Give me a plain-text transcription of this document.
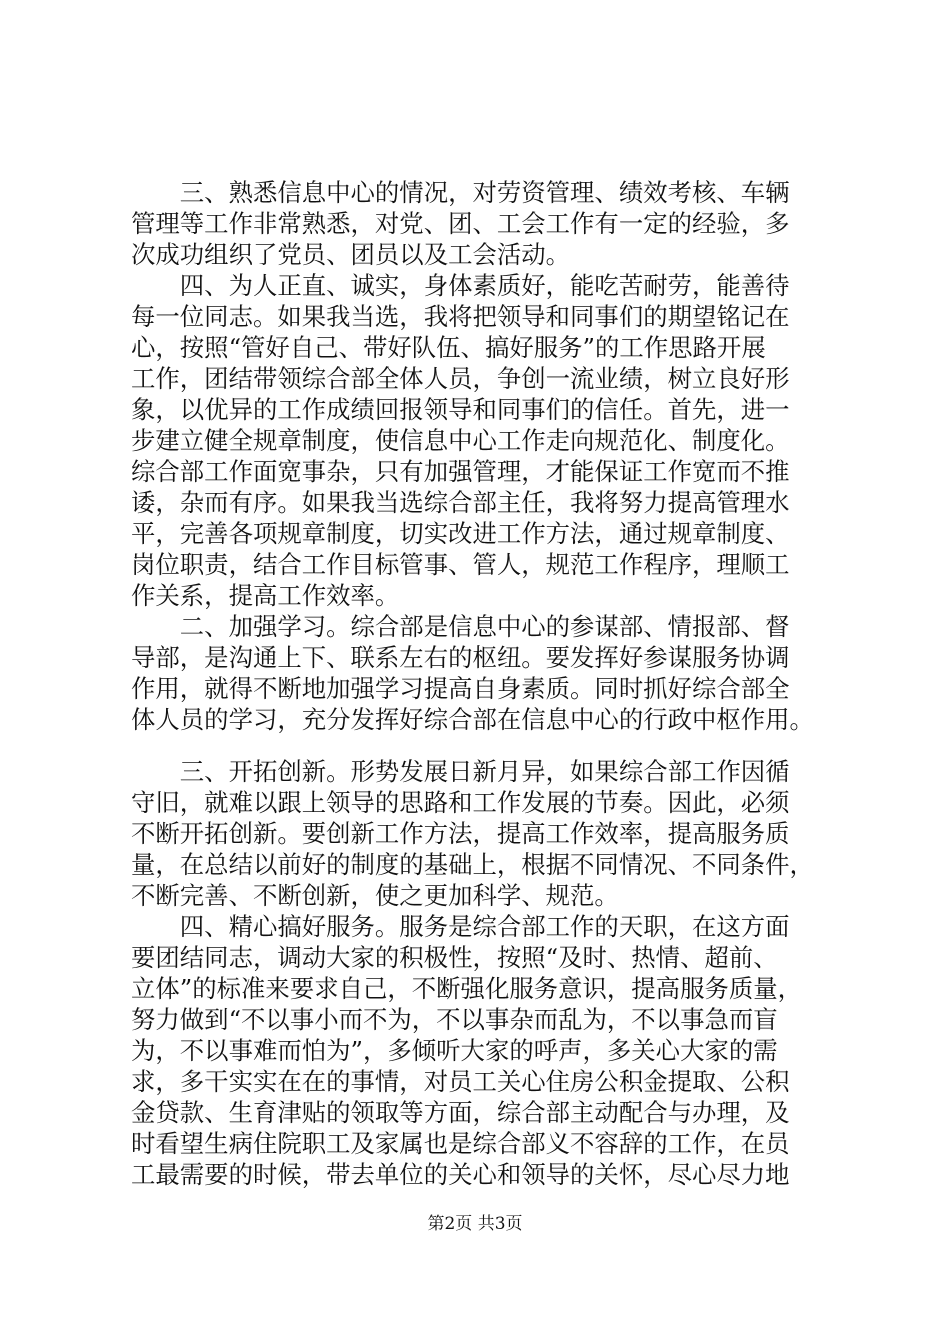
　　三、熟悉信息中心的情况，对劳资管理、绩效考核、车辆
管理等工作非常熟悉，对党、团、工会工作有一定的经验，多
次成功组织了党员、团员以及工会活动。
　　四、为人正直、诚实，身体素质好，能吃苦耐劳，能善待
每一位同志。如果我当选，我将把领导和同事们的期望铭记在
心，按照“管好自己、带好队伍、搞好服务”的工作思路开展
工作，团结带领综合部全体人员，争创一流业绩，树立良好形
象，以优异的工作成绩回报领导和同事们的信任。首先，进一
步建立健全规章制度，使信息中心工作走向规范化、制度化。
综合部工作面宽事杂，只有加强管理，才能保证工作宽而不推
诿，杂而有序。如果我当选综合部主任，我将努力提高管理水
平，完善各项规章制度，切实改进工作方法，通过规章制度、
岗位职责，结合工作目标管事、管人，规范工作程序，理顺工
作关系，提高工作效率。
　　二、加强学习。综合部是信息中心的参谋部、情报部、督
导部，是沟通上下、联系左右的枢纽。要发挥好参谋服务协调
作用，就得不断地加强学习提高自身素质。同时抓好综合部全
体人员的学习，充分发挥好综合部在信息中心的行政中枢作用。
　　三、开拓创新。形势发展日新月异，如果综合部工作因循
守旧，就难以跟上领导的思路和工作发展的节奏。因此，必须
不断开拓创新。要创新工作方法，提高工作效率，提高服务质
量，在总结以前好的制度的基础上，根据不同情况、不同条件，
不断完善、不断创新，使之更加科学、规范。
　　四、精心搞好服务。服务是综合部工作的天职，在这方面
要团结同志，调动大家的积极性，按照“及时、热情、超前、
立体”的标准来要求自己，不断强化服务意识，提高服务质量，
努力做到“不以事小而不为，不以事杂而乱为，不以事急而盲
为，不以事难而怕为”，多倾听大家的呼声，多关心大家的需
求，多干实实在在的事情，对员工关心住房公积金提取、公积
金贷款、生育津贴的领取等方面，综合部主动配合与办理，及
时看望生病住院职工及家属也是综合部义不容辞的工作，在员
工最需要的时候，带去单位的关心和领导的关怀，尽心尽力地
第2页 共3页
